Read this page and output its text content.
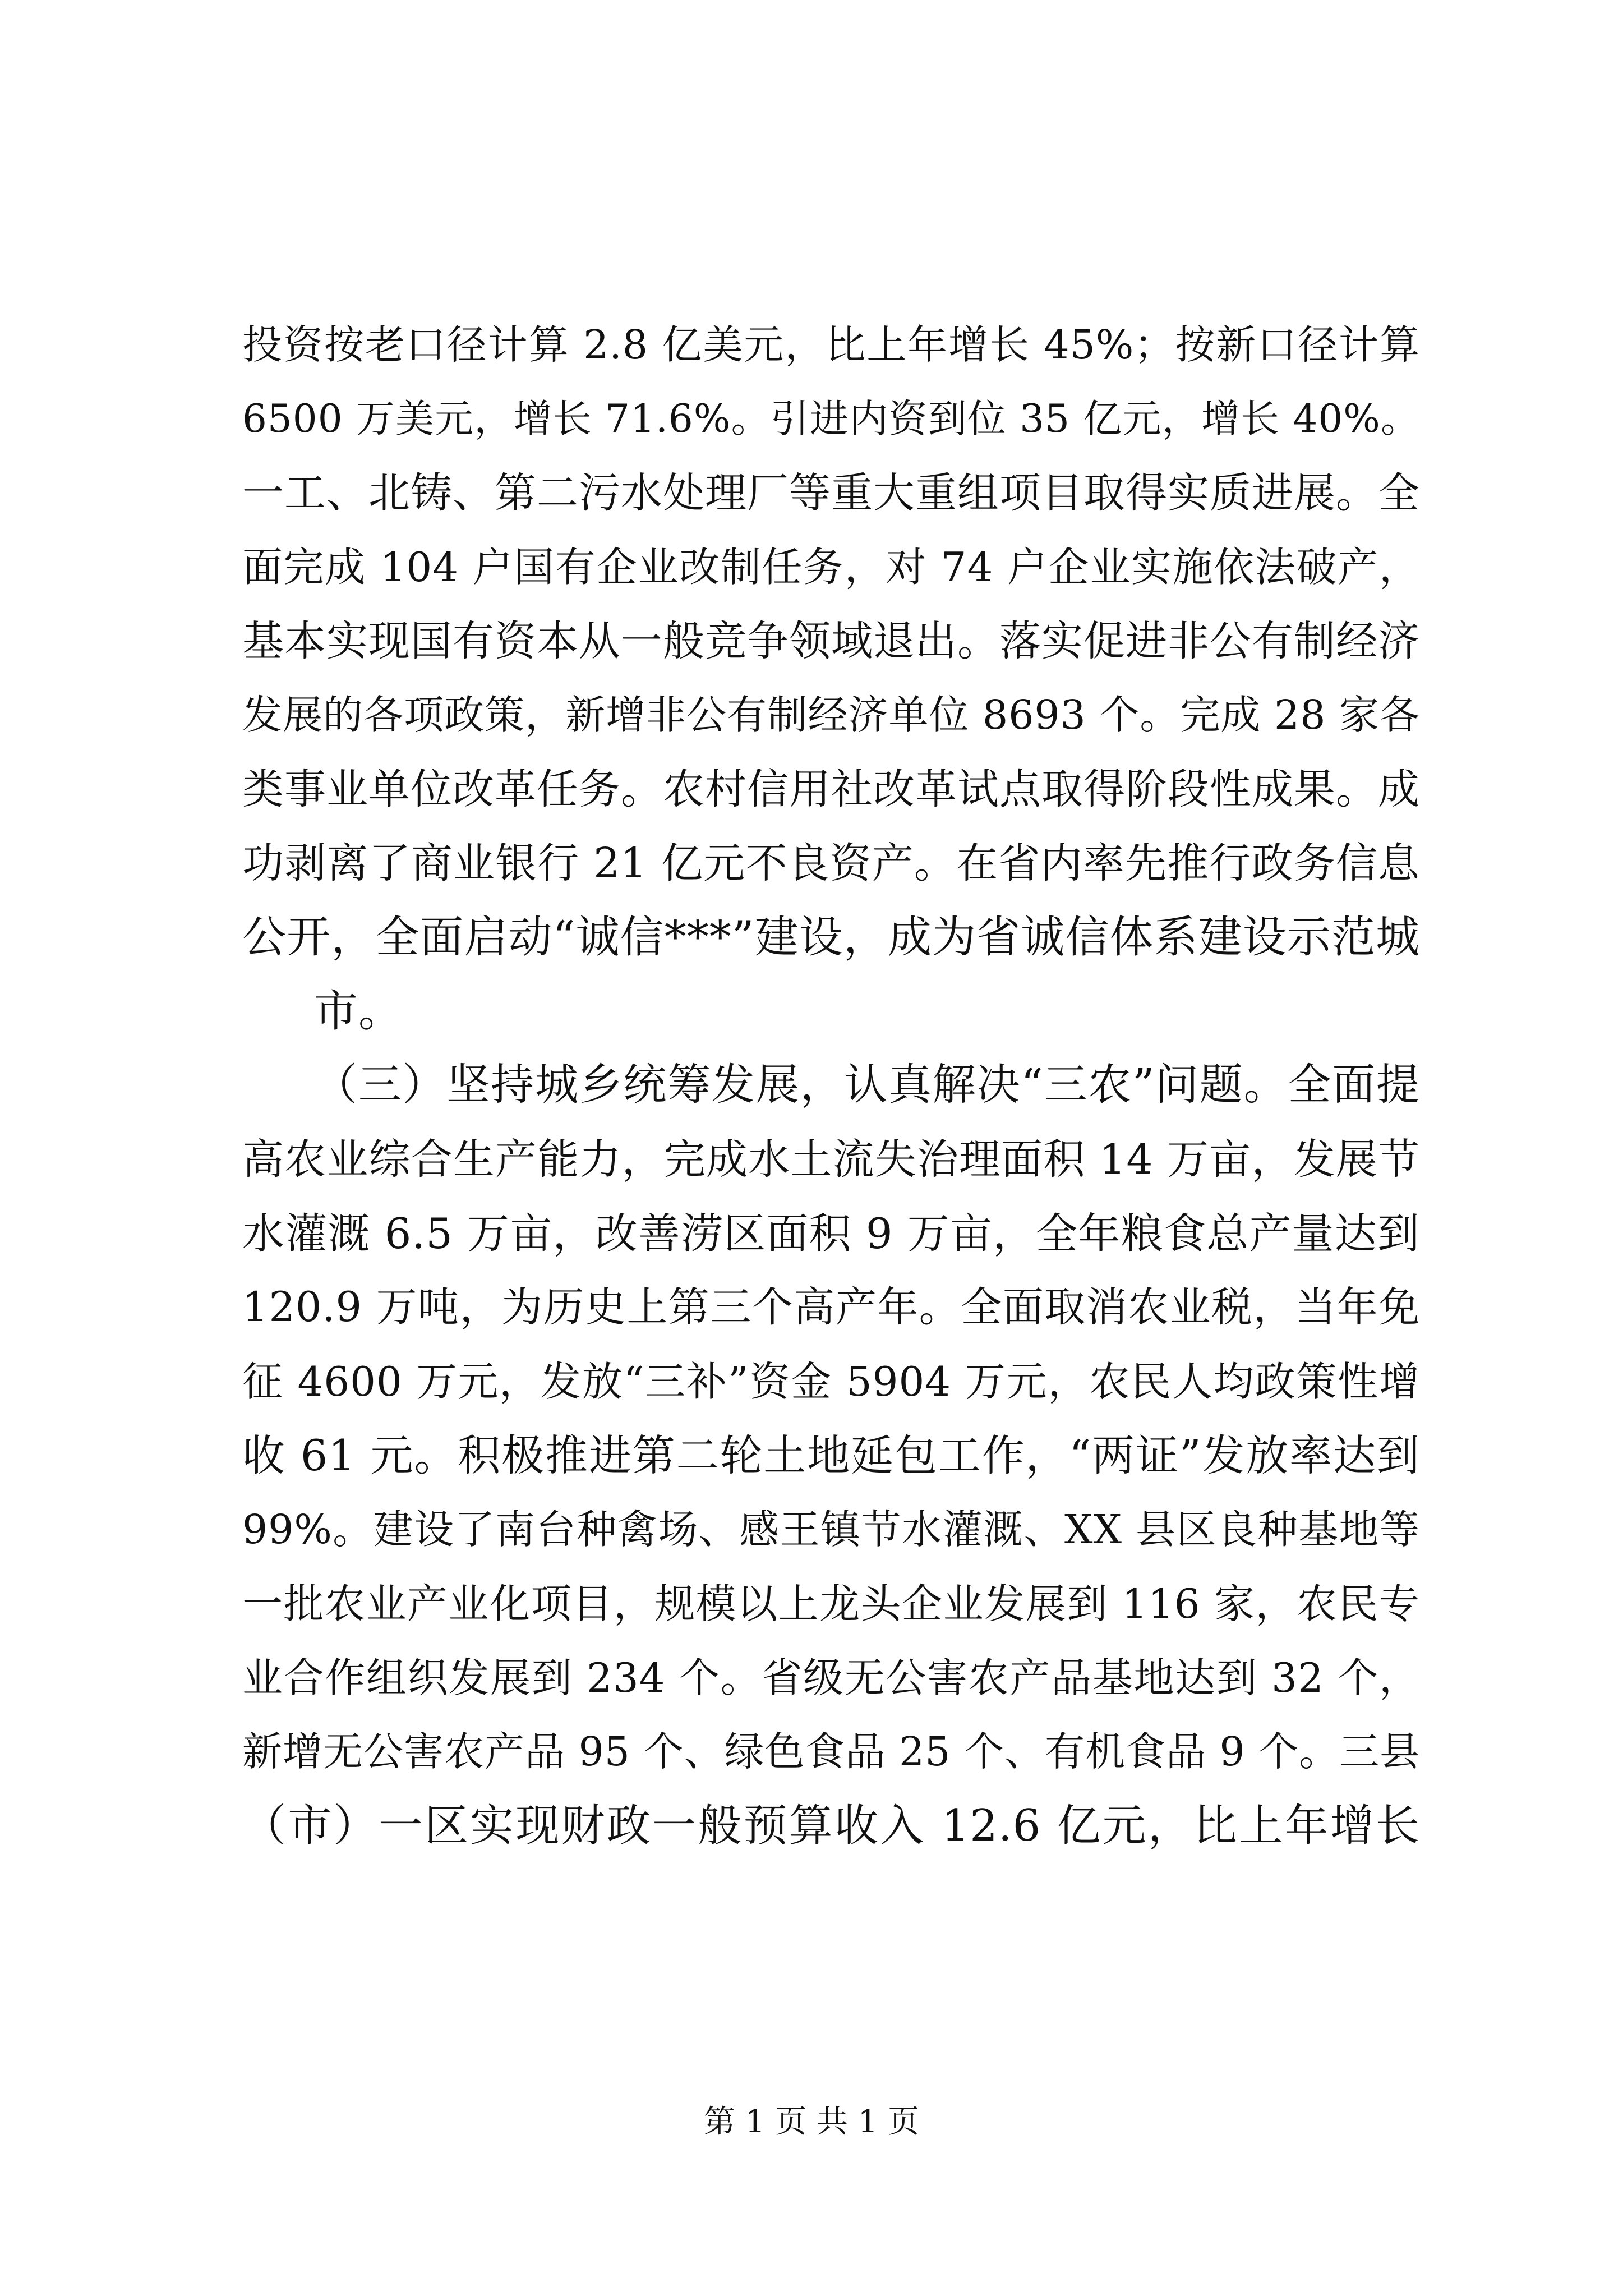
投资按老口径计算 2.8 亿美元，比上年增长 45%；按新口径计算
6500 万美元，增长 71.6%。引进内资到位 35 亿元，增长 40%。
一工、北铸、第二污水处理厂等重大重组项目取得实质进展。全
面完成 104 户国有企业改制任务，对 74 户企业实施依法破产，
基本实现国有资本从一般竞争领域退出。落实促进非公有制经济
发展的各项政策，新增非公有制经济单位 8693 个。完成 28 家各
类事业单位改革任务。农村信用社改革试点取得阶段性成果。成
功剥离了商业银行 21 亿元不良资产。在省内率先推行政务信息
公开，全面启动“诚信***”建设，成为省诚信体系建设示范城
市。
（三）坚持城乡统筹发展，认真解决“三农”问题。全面提
高农业综合生产能力，完成水土流失治理面积 14 万亩，发展节
水灌溉 6.5 万亩，改善涝区面积 9 万亩，全年粮食总产量达到
120.9 万吨，为历史上第三个高产年。全面取消农业税，当年免
征 4600 万元，发放“三补”资金 5904 万元，农民人均政策性增
收 61 元。积极推进第二轮土地延包工作，“两证”发放率达到
99%。建设了南台种禽场、感王镇节水灌溉、XX 县区良种基地等
一批农业产业化项目，规模以上龙头企业发展到 116 家，农民专
业合作组织发展到 234 个。省级无公害农产品基地达到 32 个，
新增无公害农产品 95 个、绿色食品 25 个、有机食品 9 个。三县
（市）一区实现财政一般预算收入 12.6 亿元，比上年增长
第 1 页 共 1 页
